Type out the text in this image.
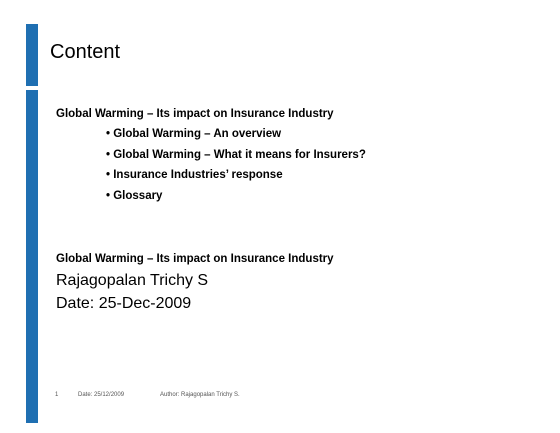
Content
Global Warming – Its impact on Insurance Industry
• Global Warming – An overview
• Global Warming – What it means for Insurers?
• Insurance Industries’ response
• Glossary
Global Warming – Its impact on Insurance Industry
Rajagopalan Trichy S
Date: 25-Dec-2009
1	Date: 25/12/2009	Author: Rajagopalan Trichy S.
